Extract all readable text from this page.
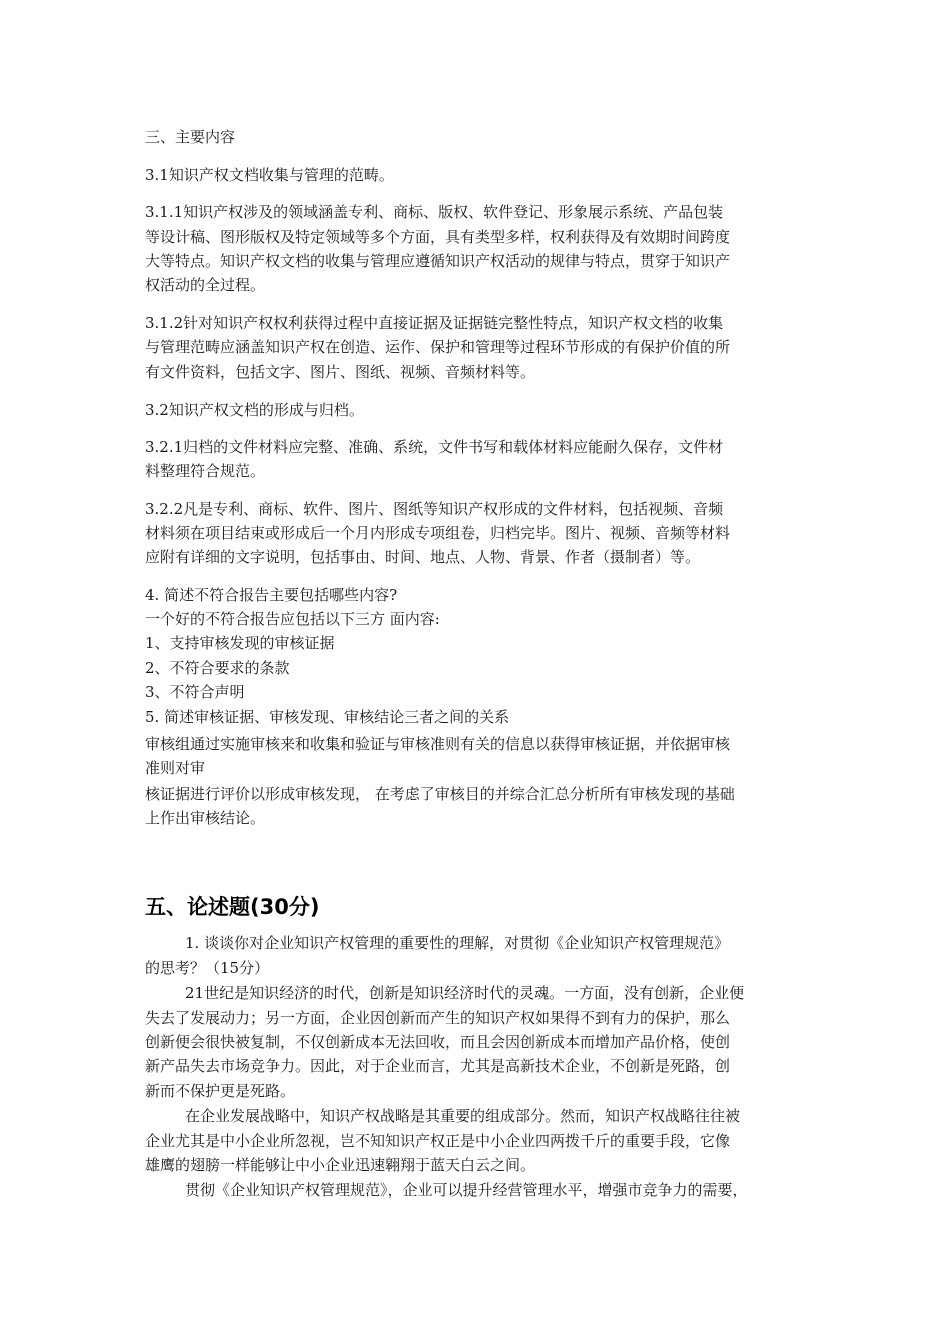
三、主要内容
3.1知识产权文档收集与管理的范畴。
3.1.1知识产权涉及的领域涵盖专利、商标、版权、软件登记、形象展示系统、产品包装
等设计稿、图形版权及特定领域等多个方面，具有类型多样，权利获得及有效期时间跨度
大等特点。知识产权文档的收集与管理应遵循知识产权活动的规律与特点，贯穿于知识产
权活动的全过程。
3.1.2针对知识产权权利获得过程中直接证据及证据链完整性特点，知识产权文档的收集
与管理范畴应涵盖知识产权在创造、运作、保护和管理等过程环节形成的有保护价值的所
有文件资料，包括文字、图片、图纸、视频、音频材料等。
3.2知识产权文档的形成与归档。
3.2.1归档的文件材料应完整、准确、系统，文件书写和载体材料应能耐久保存，文件材
料整理符合规范。
3.2.2凡是专利、商标、软件、图片、图纸等知识产权形成的文件材料，包括视频、音频
材料须在项目结束或形成后一个月内形成专项组卷，归档完毕。图片、视频、音频等材料
应附有详细的文字说明，包括事由、时间、地点、人物、背景、作者（摄制者）等。
4. 简述不符合报告主要包括哪些内容?
一个好的不符合报告应包括以下三方 面内容:
1、支持审核发现的审核证据
2、不符合要求的条款
3、不符合声明
5. 简述审核证据、审核发现、审核结论三者之间的关系
审核组通过实施审核来和收集和验证与审核准则有关的信息以获得审核证据，并依据审核
准则对审
核证据进行评价以形成审核发现， 在考虑了审核目的并综合汇总分析所有审核发现的基础
上作出审核结论。
五、论述题(30分)
1. 谈谈你对企业知识产权管理的重要性的理解，对贯彻《企业知识产权管理规范》
的思考？（15分）
21世纪是知识经济的时代，创新是知识经济时代的灵魂。一方面，没有创新，企业便
失去了发展动力；另一方面，企业因创新而产生的知识产权如果得不到有力的保护，那么
创新便会很快被复制，不仅创新成本无法回收，而且会因创新成本而增加产品价格，使创
新产品失去市场竞争力。因此，对于企业而言，尤其是高新技术企业，不创新是死路，创
新而不保护更是死路。
在企业发展战略中，知识产权战略是其重要的组成部分。然而，知识产权战略往往被
企业尤其是中小企业所忽视，岂不知知识产权正是中小企业四两拨千斤的重要手段，它像
雄鹰的翅膀一样能够让中小企业迅速翱翔于蓝天白云之间。
贯彻《企业知识产权管理规范》，企业可以提升经营管理水平，增强市竞争力的需要，
